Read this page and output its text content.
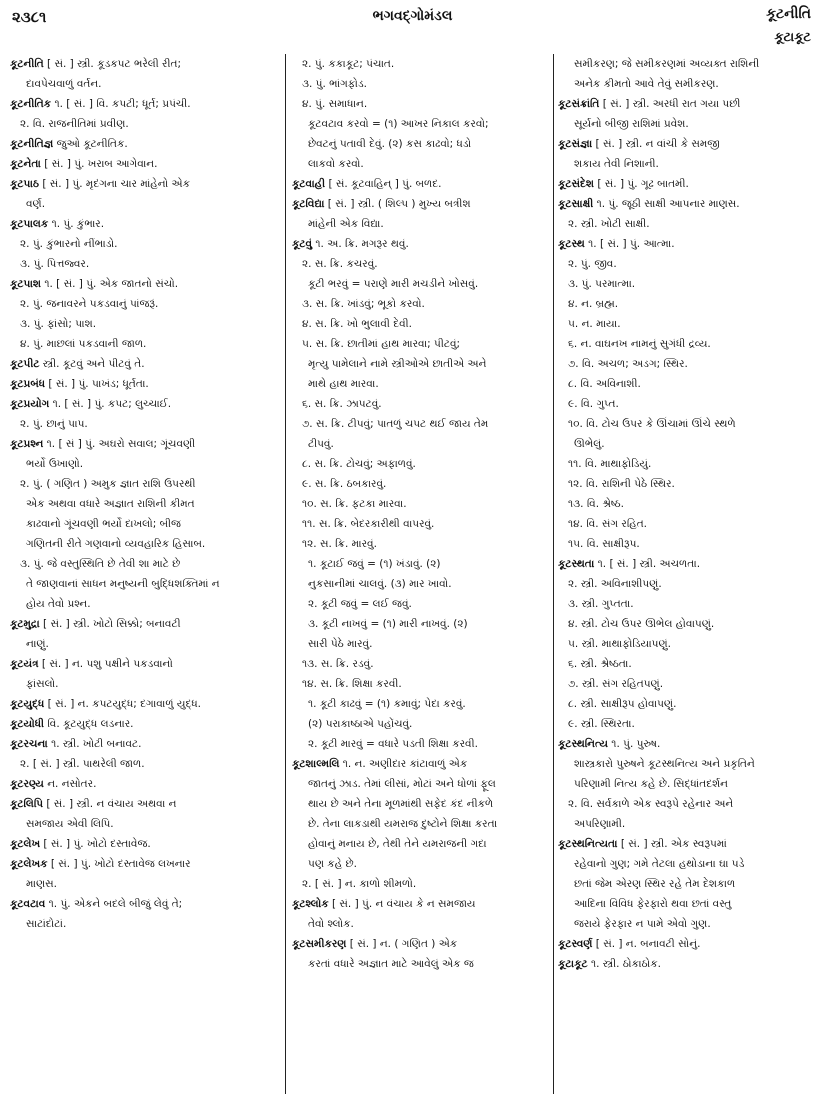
૨૩૮૧	ભગવદ્‌ગોમંડલ	કૂટનીતિ
કૂટાકૂટ
કૂટનીતિ [ સં. ] સ્ત્રી. કૂડકપટ ભરેલી રીત;
દાવપેચવાળું વર્તન.
કૂટનીતિક ૧. [ સં. ] વિ. કપટી; ધૂર્ત; પ્રપંચી.
૨. વિ. રાજનીતિમાં પ્રવીણ.
કૂટનીતિજ્ઞ જુઓ કૂટનીતિક.
કૂટનેતા [ સં. ] પું. ખરાબ આગેવાન.
કૂટપાઠ [ સં. ] પું. મૃદંગના ચાર માંહેનો એક
વર્ણ.
કૂટપાલક ૧. પું. કુંભાર.
૨. પું. કુંભારનો નીંભાડો.
૩. પું. પિત્તજ્વર.
કૂટપાશ ૧. [ સં. ] પું. એક જાતનો સંચો.
૨. પું. જનાવરને પકડવાનું પાંજરૂં.
૩. પું. ફાંસો; પાશ.
૪. પું. માછલાં પકડવાની જાળ.
કૂટપીટ સ્ત્રી. કૂટવું અને પીટવું તે.
કૂટપ્રબંધ [ સં. ] પું. પાખંડ; ધૂર્તતા.
કૂટપ્રયોગ ૧. [ સં. ] પું. કપટ; લુચ્ચાઈ.
૨. પું. છાનું પાપ.
કૂટપ્રશ્ન ૧. [ સં ] પું. અઘરો સવાલ; ગૂંચવણી
ભર્યો ઉખાણો.
૨. પું. ( ગણિત ) અમુક જ્ઞાત રાશિ ઉપરથી
એક અથવા વધારે અજ્ઞાત રાશિની કીમત
કાઢવાનો ગૂંચવણી ભર્યો દાખલો; બીજ
ગણિતની રીતે ગણવાનો વ્યવહારિક હિસાબ.
૩. પું. જે વસ્તુસ્થિતિ છે તેવી શા માટે છે
તે જાણવાનાં સાધન મનુષ્યની બુદ્ધિશક્તિમાં ન
હોય તેવો પ્રશ્ન.
કૂટમુદ્રા [ સં. ] સ્ત્રી. ખોટો સિક્કો; બનાવટી
નાણું.
કૂટયંત્ર [ સં. ] ન. પશુ પક્ષીને પકડવાનો
ફાંસલો.
કૂટયુદ્ધ [ સં. ] ન. કપટયુદ્ધ; દગાવાળું યુદ્ધ.
કૂટયોધી વિ. કૂટયુદ્ધ લડનાર.
કૂટરચના ૧. સ્ત્રી. ખોટી બનાવટ.
૨. [ સં. ] સ્ત્રી. પાથરેલી જાળ.
કૂટરણ્ય ન. નસોતર.
કૂટલિપિ [ સં. ] સ્ત્રી. ન વંચાય અથવા ન
સમજાય એવી લિપિ.
કૂટલેખ [ સં. ] પું. ખોટો દસ્તાવેજ.
કૂટલેખક [ સં. ] પું. ખોટો દસ્તાવેજ લખનાર
માણસ.
કૂટવટાવ ૧. પું. એકને બદલે બીજું લેવું તે;
સાટાંદોટાં.
૨. પું. કકાકૂટ; પંચાત.
૩. પું. ભાંગફોડ.
૪. પું. સમાધાન.
કૂટવટાવ કરવો = (૧) આખર નિકાલ કરવો;
છેવટનું પતાવી દેવું. (૨) કસ કાઢવો; ધડો
લાકવો કરવો.
કૂટવાહી [ સં. કૂટવાહિન્ ] પું. બળદ.
કૂટવિદ્યા [ સં. ] સ્ત્રી. ( શિલ્પ ) મુખ્ય બત્રીશ
માંહેની એક વિદ્યા.
કૂટવું ૧. અ. ક્રિ. મગરૂર થવું.
૨. સ. ક્રિ. કચરવું.
કૂટી ભરવું = પરાણે મારી મચડીને ખોસવું.
૩. સ. ક્રિ. ખાંડવું; ભૂકો કરવો.
૪. સ. ક્રિ. ખો ભુલાવી દેવી.
૫. સ. ક્રિ. છાતીમાં હાથ મારવા; પીટવું;
મૃત્યુ પામેલાને નામે સ્ત્રીઓએ છાતીએ અને
માથે હાથ મારવા.
૬. સ. ક્રિ. ઝાપટવું.
૭. સ. ક્રિ. ટીપવું; પાતળું ચપટ થઈ જાય તેમ
ટીપવું.
૮. સ. ક્રિ. ટોચવું; અફાળવું.
૯. સ. ક્રિ. ઠબકારવું.
૧૦. સ. ક્રિ. ફટકા મારવા.
૧૧. સ. ક્રિ. બેદરકારીથી વાપરવું.
૧૨. સ. ક્રિ. મારવું.
૧. કૂટાઈ જવું = (૧) ખંડાવું. (૨)
નુકસાનીમાં ચાલવું. (૩) માર ખાવો.
૨. કૂટી જવું = લઈ જવું.
૩. કૂટી નાખવું = (૧) મારી નાખવું. (૨)
સારી પેઠે મારવું.
૧૩. સ. ક્રિ. રડવું.
૧૪. સ. ક્રિ. શિક્ષા કરવી.
૧. કૂટી કાઢવું = (૧) કમાવું; પેદા કરવું.
(૨) પરાકાષ્ઠાએ પહોંચવું.
૨. કૂટી મારવું = વધારે પડતી શિક્ષા કરવી.
કૂટશાલ્મલિ ૧. ન. અણીદાર કાંટાવાળું એક
જાતનું ઝાડ. તેમાં લીસાં, મોટાં અને ધોળાં ફૂલ
થાય છે અને તેના મૂળમાંથી સફેદ કંદ નીકળે
છે. તેના લાકડાથી યમરાજ દુષ્ટોને શિક્ષા કરતા
હોવાનું મનાય છે, તેથી તેને યમરાજની ગદા
પણ કહે છે.
૨. [ સં. ] ન. કાળો શીમળો.
કૂટશ્લોક [ સં. ] પું. ન વંચાય કે ન સમજાય
તેવો શ્લોક.
કૂટસમીકરણ [ સં. ] ન. ( ગણિત ) એક
કરતાં વધારે અજ્ઞાત માટે આવેલું એક જ
સમીકરણ; જે સમીકરણમાં અવ્યક્ત રાશિની
અનેક કીમતો આવે તેવું સમીકરણ.
કૂટસંક્રાંતિ [ સં. ] સ્ત્રી. અરધી રાત ગયા પછી
સૂર્યનો બીજી રાશિમાં પ્રવેશ.
કૂટસંજ્ઞા [ સં. ] સ્ત્રી. ન વાંચી કે સમજી
શકાય તેવી નિશાની.
કૂટસંદેશ [ સં. ] પું. ગૂઢ બાતમી.
કૂટસાક્ષી ૧. પું. જૂઠી સાક્ષી આપનાર માણસ.
૨. સ્ત્રી. ખોટી સાક્ષી.
કૂટસ્થ ૧. [ સં. ] પું. આત્મા.
૨. પું. જીવ.
૩. પું. પરમાત્મા.
૪. ન. બ્રહ્મ.
૫. ન. માયા.
૬. ન. વાઘનખ નામનું સુગંધી દ્રવ્ય.
૭. વિ. અચળ; અડગ; સ્થિર.
૮. વિ. અવિનાશી.
૯. વિ. ગુપ્ત.
૧૦. વિ. ટોચ ઉપર કે ઊંચામાં ઊંચે સ્થળે
ઊભેલું.
૧૧. વિ. માથાફોડિયું.
૧૨. વિ. રાશિની પેઠે સ્થિર.
૧૩. વિ. શ્રેષ્ઠ.
૧૪. વિ. સંગ રહિત.
૧૫. વિ. સાક્ષીરૂપ.
કૂટસ્થતા ૧. [ સં. ] સ્ત્રી. અચળતા.
૨. સ્ત્રી. અવિનાશીપણું.
૩. સ્ત્રી. ગુપ્તતા.
૪. સ્ત્રી. ટોચ ઉપર ઊભેલ હોવાપણું.
૫. સ્ત્રી. માથાફોડિયાપણું.
૬. સ્ત્રી. શ્રેષ્ઠતા.
૭. સ્ત્રી. સંગ રહિતપણું.
૮. સ્ત્રી. સાક્ષીરૂપ હોવાપણું.
૯. સ્ત્રી. સ્થિરતા.
કૂટસ્થનિત્ય ૧. પું. પુરુષ.
શાસ્ત્રકારો પુરુષને કૂટસ્થનિત્ય અને પ્રકૃતિને
પરિણામી નિત્ય કહે છે. સિદ્ધાંતદર્શન
૨. વિ. સર્વકાળે એક સ્વરૂપે રહેનાર અને
અપરિણામી.
કૂટસ્થનિત્યતા [ સં. ] સ્ત્રી. એક સ્વરૂપમાં
રહેવાનો ગુણ; ગમે તેટલા હથોડાના ઘા પડે
છતાં જેમ એરણ સ્થિર રહે તેમ દેશકાળ
આદિના વિવિધ ફેરફારો થવા છતાં વસ્તુ
જરાયે ફેરફાર ન પામે એવો ગુણ.
કૂટસ્વર્ણ [ સં. ] ન. બનાવટી સોનું.
કૂટાકૂટ ૧. સ્ત્રી. ઠોકાઠોક.
